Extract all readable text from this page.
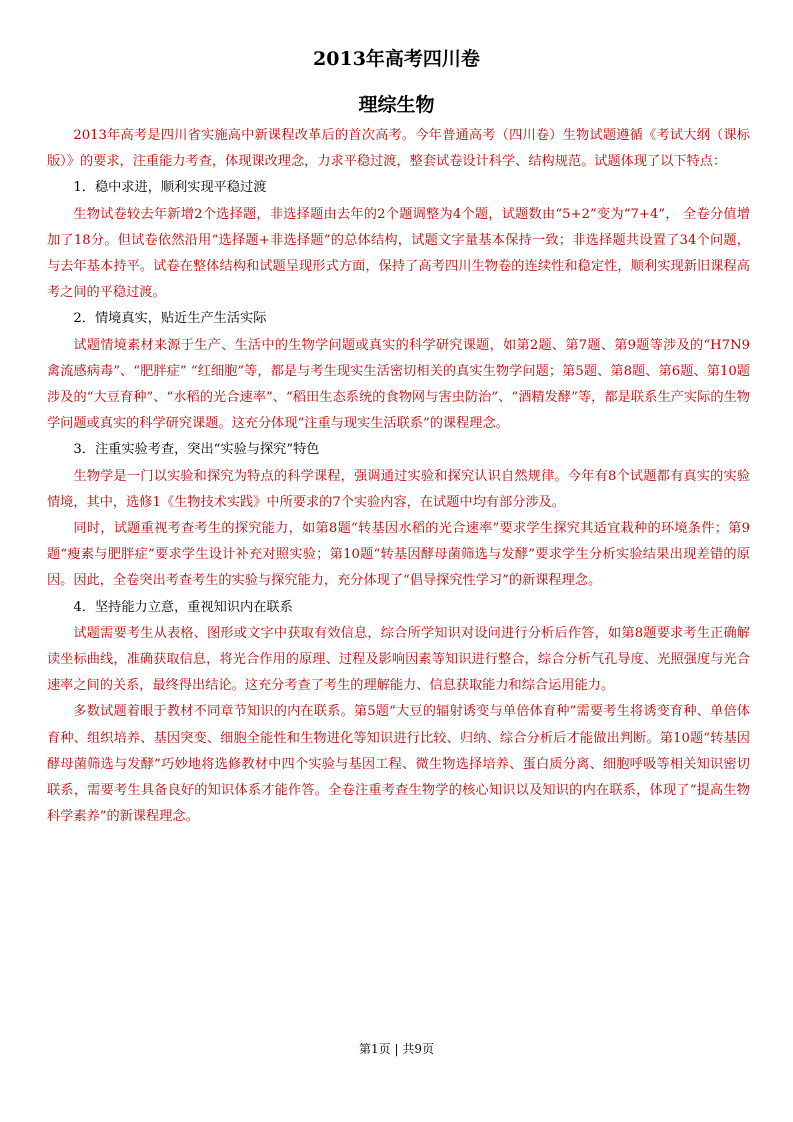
2013年高考四川卷
理综生物

2013年高考是四川省实施高中新课程改革后的首次高考。今年普通高考（四川卷）生物试题遵循《考试大纲（课标版）》的要求，注重能力考查，体现课改理念，力求平稳过渡，整套试卷设计科学、结构规范。试题体现了以下特点：

1．稳中求进，顺利实现平稳过渡

生物试卷较去年新增2个选择题，非选择题由去年的2个题调整为4个题，试题数由“5+2”变为“7+4”， 全卷分值增加了18分。但试卷依然沿用“选择题+非选择题”的总体结构，试题文字量基本保持一致；非选择题共设置了34个问题，与去年基本持平。试卷在整体结构和试题呈现形式方面，保持了高考四川生物卷的连续性和稳定性，顺利实现新旧课程高考之间的平稳过渡。

2．情境真实，贴近生产生活实际

试题情境素材来源于生产、生活中的生物学问题或真实的科学研究课题，如第2题、第7题、第9题等涉及的“H7N9禽流感病毒”、“肥胖症” “红细胞”等，都是与考生现实生活密切相关的真实生物学问题；第5题、第8题、第6题、第10题涉及的“大豆育种”、“水稻的光合速率”、“稻田生态系统的食物网与害虫防治”、“酒精发酵”等，都是联系生产实际的生物学问题或真实的科学研究课题。这充分体现“注重与现实生活联系”的课程理念。

3．注重实验考查，突出“实验与探究”特色

生物学是一门以实验和探究为特点的科学课程，强调通过实验和探究认识自然规律。今年有8个试题都有真实的实验情境，其中，选修1《生物技术实践》中所要求的7个实验内容，在试题中均有部分涉及。

同时，试题重视考查考生的探究能力，如第8题“转基因水稻的光合速率”要求学生探究其适宜栽种的环境条件；第9题“瘦素与肥胖症”要求学生设计补充对照实验；第10题“转基因酵母菌筛选与发酵”要求学生分析实验结果出现差错的原因。因此，全卷突出考查考生的实验与探究能力，充分体现了“倡导探究性学习”的新课程理念。

4．坚持能力立意，重视知识内在联系

试题需要考生从表格、图形或文字中获取有效信息，综合所学知识对设问进行分析后作答，如第8题要求考生正确解读坐标曲线，准确获取信息，将光合作用的原理、过程及影响因素等知识进行整合，综合分析气孔导度、光照强度与光合速率之间的关系，最终得出结论。这充分考查了考生的理解能力、信息获取能力和综合运用能力。

多数试题着眼于教材不同章节知识的内在联系。第5题“大豆的辐射诱变与单倍体育种”需要考生将诱变育种、单倍体育种、组织培养、基因突变、细胞全能性和生物进化等知识进行比较、归纳、综合分析后才能做出判断。第10题“转基因酵母菌筛选与发酵”巧妙地将选修教材中四个实验与基因工程、微生物选择培养、蛋白质分离、细胞呼吸等相关知识密切联系，需要考生具备良好的知识体系才能作答。全卷注重考查生物学的核心知识以及知识的内在联系，体现了“提高生物科学素养”的新课程理念。

第1页 | 共9页
